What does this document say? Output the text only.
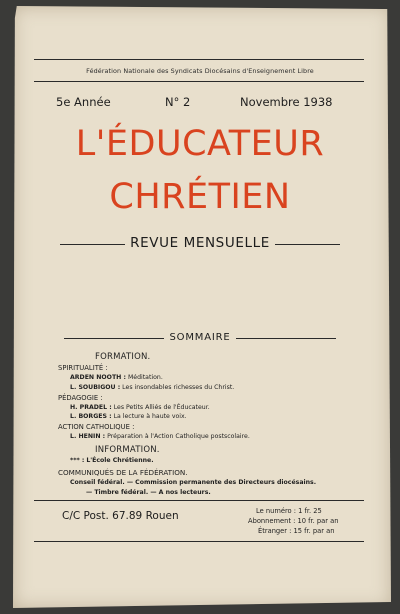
Fédération Nationale des Syndicats Diocésains d'Enseignement Libre
5e Année	N° 2	Novembre 1938
L'ÉDUCATEUR
CHRÉTIEN
REVUE MENSUELLE
SOMMAIRE
FORMATION.
SPIRITUALITÉ :
ARDEN NOOTH : Méditation.
L. SOUBIGOU : Les insondables richesses du Christ.
PÉDAGOGIE :
H. PRADEL : Les Petits Alliés de l'Éducateur.
L. BORGES : La lecture à haute voix.
ACTION CATHOLIQUE :
L. HENIN : Préparation à l'Action Catholique postscolaire.
INFORMATION.
*** : L'École Chrétienne.
COMMUNIQUÉS DE LA FÉDÉRATION.
Conseil fédéral. — Commission permanente des Directeurs diocésains.
— Timbre fédéral. — A nos lecteurs.
C/C Post. 67.89 Rouen	Le numéro : 1 fr. 25
Abonnement : 10 fr. par an
Étranger : 15 fr. par an
